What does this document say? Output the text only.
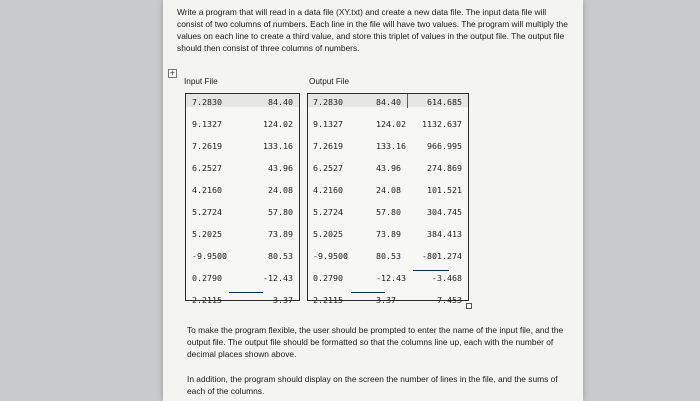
Write a program that will read in a data file (XY.txt) and create a new data file. The input data file will consist of two columns of numbers. Each line in the file will have two values. The program will multiply the values on each line to create a third value, and store this triplet of values in the output file. The output file should then consist of three columns of numbers.

+
Input File	Output File
7.2830	84.40
9.1327	124.02
7.2619	133.16
6.2527	43.96
4.2160	24.08
5.2724	57.80
5.2025	73.89
-9.9500	80.53
0.2790	-12.43
2.2115	3.37
7.2830	84.40	614.685
9.1327	124.02 1132.637
7.2619	133.16	966.995
6.2527	43.96	274.869
4.2160	24.08	101.521
5.2724	57.80	304.745
5.2025	73.89	384.413
-9.9500	80.53	-801.274
0.2790	-12.43	-3.468
2.2115	3.37	7.453

To make the program flexible, the user should be prompted to enter the name of the input file, and the output file. The output file should be formatted so that the columns line up, each with the number of decimal places shown above.

In addition, the program should display on the screen the number of lines in the file, and the sums of each of the columns.
